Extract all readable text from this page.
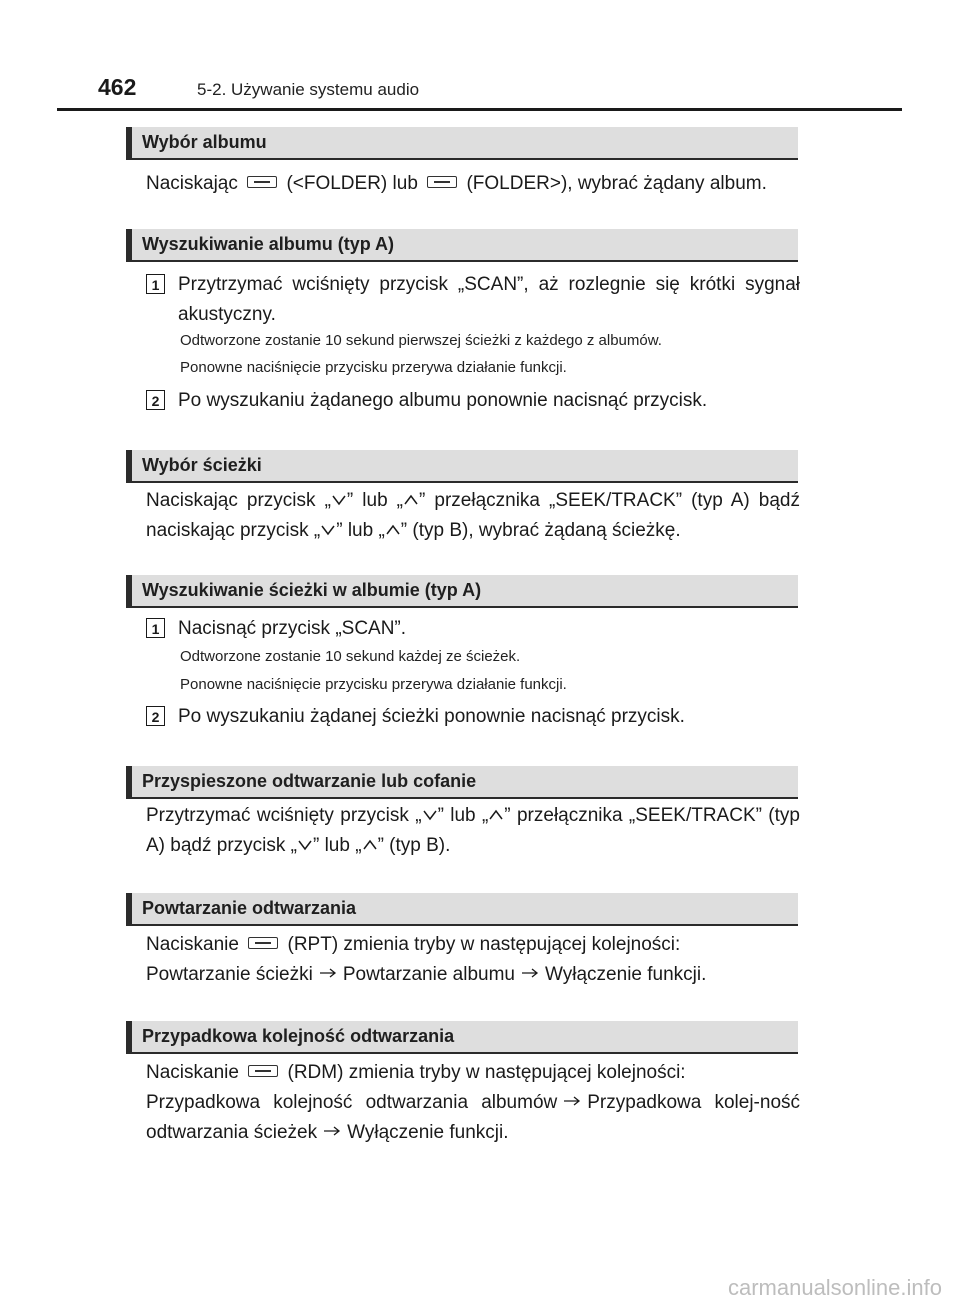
462	5-2. Używanie systemu audio
Wybór albumu
Naciskając	(<FOLDER) lub	(FOLDER>), wybrać żądany album.
Wyszukiwanie albumu (typ A)
1 Przytrzymać wciśnięty przycisk „SCAN”, aż rozlegnie się krótki sygnał akustyczny.
Odtworzone zostanie 10 sekund pierwszej ścieżki z każdego z albumów.
Ponowne naciśnięcie przycisku przerywa działanie funkcji.
2 Po wyszukaniu żądanego albumu ponownie nacisnąć przycisk.
Wybór ścieżki
Naciskając przycisk „ ” lub „ ” przełącznika „SEEK/TRACK” (typ A) bądź naciskając przycisk „ ” lub „ ” (typ B), wybrać żądaną ścieżkę.
Wyszukiwanie ścieżki w albumie (typ A)
1 Nacisnąć przycisk „SCAN”.
Odtworzone zostanie 10 sekund każdej ze ścieżek.
Ponowne naciśnięcie przycisku przerywa działanie funkcji.
2 Po wyszukaniu żądanej ścieżki ponownie nacisnąć przycisk.
Przyspieszone odtwarzanie lub cofanie
Przytrzymać wciśnięty przycisk „ ” lub „ ” przełącznika „SEEK/TRACK” (typ A) bądź przycisk „ ” lub „ ” (typ B).
Powtarzanie odtwarzania
Naciskanie	(RPT) zmienia tryby w następującej kolejności:
Powtarzanie ścieżki Powtarzanie albumu Wyłączenie funkcji.
Przypadkowa kolejność odtwarzania
Naciskanie	(RDM) zmienia tryby w następującej kolejności:
Przypadkowa kolejność odtwarzania albumów Przypadkowa kolej-ność odtwarzania ścieżek Wyłączenie funkcji.
carmanualsonline.info
